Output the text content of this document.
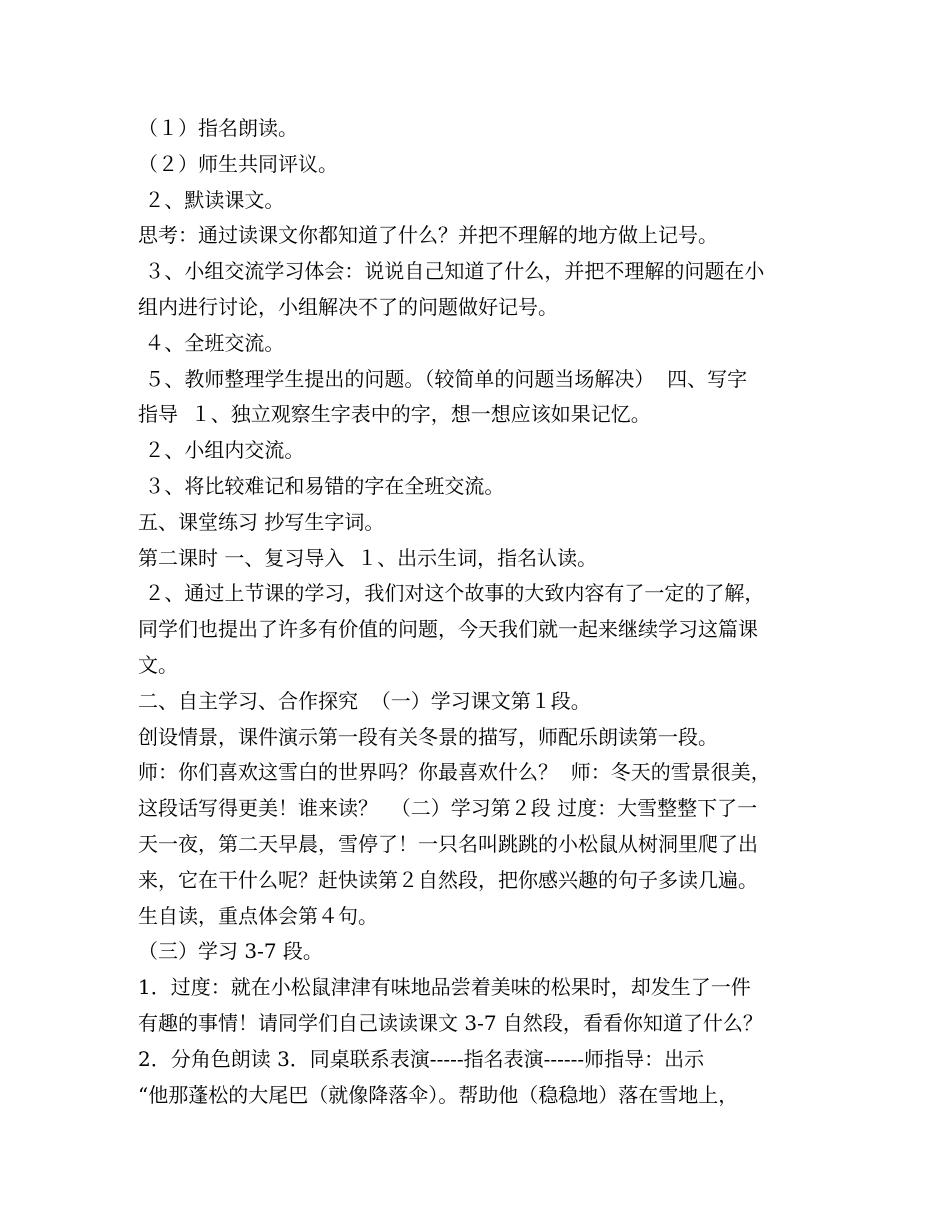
（１）指名朗读。
（２）师生共同评议。
２、默读课文。
思考：通过读课文你都知道了什么？并把不理解的地方做上记号。
３、小组交流学习体会：说说自己知道了什么，并把不理解的问题在小
组内进行讨论，小组解决不了的问题做好记号。
４、全班交流。
５、教师整理学生提出的问题。（较简单的问题当场解决）  四、写字
指导  １、独立观察生字表中的字，想一想应该如果记忆。
２、小组内交流。
３、将比较难记和易错的字在全班交流。
五、课堂练习 抄写生字词。
第二课时 一、复习导入  １、出示生词，指名认读。
２、通过上节课的学习，我们对这个故事的大致内容有了一定的了解，
同学们也提出了许多有价值的问题，今天我们就一起来继续学习这篇课
文。
二、自主学习、合作探究  （一）学习课文第１段。
创设情景，课件演示第一段有关冬景的描写，师配乐朗读第一段。
师：你们喜欢这雪白的世界吗？你最喜欢什么？  师：冬天的雪景很美，
这段话写得更美！谁来读？  （二）学习第２段 过度：大雪整整下了一
天一夜，第二天早晨，雪停了！一只名叫跳跳的小松鼠从树洞里爬了出
来，它在干什么呢？赶快读第２自然段，把你感兴趣的句子多读几遍。
生自读，重点体会第４句。
（三）学习 3-7 段。
1．过度：就在小松鼠津津有味地品尝着美味的松果时，却发生了一件
有趣的事情！请同学们自己读读课文 3-7 自然段，看看你知道了什么？
2．分角色朗读 3．同桌联系表演-----指名表演------师指导：出示
“他那蓬松的大尾巴（就像降落伞）。帮助他（稳稳地）落在雪地上，
